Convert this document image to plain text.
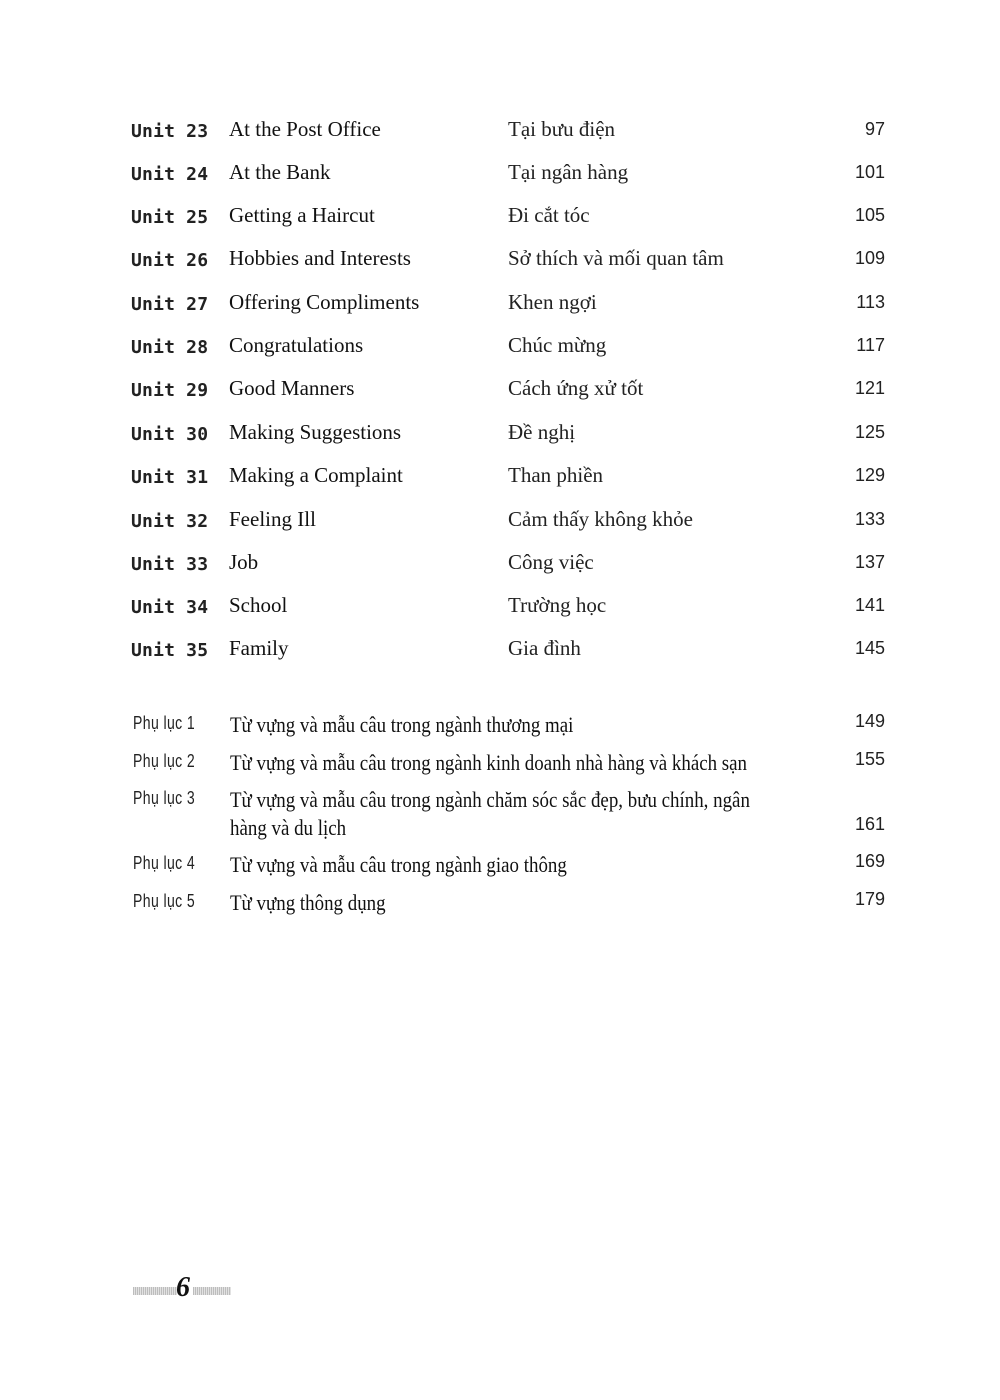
Unit 23 At the Post Office	Tại bưu điện	97
Unit 24 At the Bank	Tại ngân hàng	101
Unit 25 Getting a Haircut	Đi cắt tóc	105
Unit 26 Hobbies and Interests	Sở thích và mối quan tâm	109
Unit 27 Offering Compliments	Khen ngợi	113
Unit 28 Congratulations	Chúc mừng	117
Unit 29 Good Manners	Cách ứng xử tốt	121
Unit 30 Making Suggestions	Đề nghị	125
Unit 31 Making a Complaint	Than phiền	129
Unit 32 Feeling Ill	Cảm thấy không khỏe	133
Unit 33 Job	Công việc	137
Unit 34 School	Trường học	141
Unit 35 Family	Gia đình	145
Phụ lục 1 Từ vựng và mẫu câu trong ngành thương mại	149
Phụ lục 2 Từ vựng và mẫu câu trong ngành kinh doanh nhà hàng và khách sạn	155
Phụ lục 3 Từ vựng và mẫu câu trong ngành chăm sóc sắc đẹp, bưu chính, ngân
hàng và du lịch	161
Phụ lục 4 Từ vựng và mẫu câu trong ngành giao thông	169
Phụ lục 5 Từ vựng thông dụng	179
6
